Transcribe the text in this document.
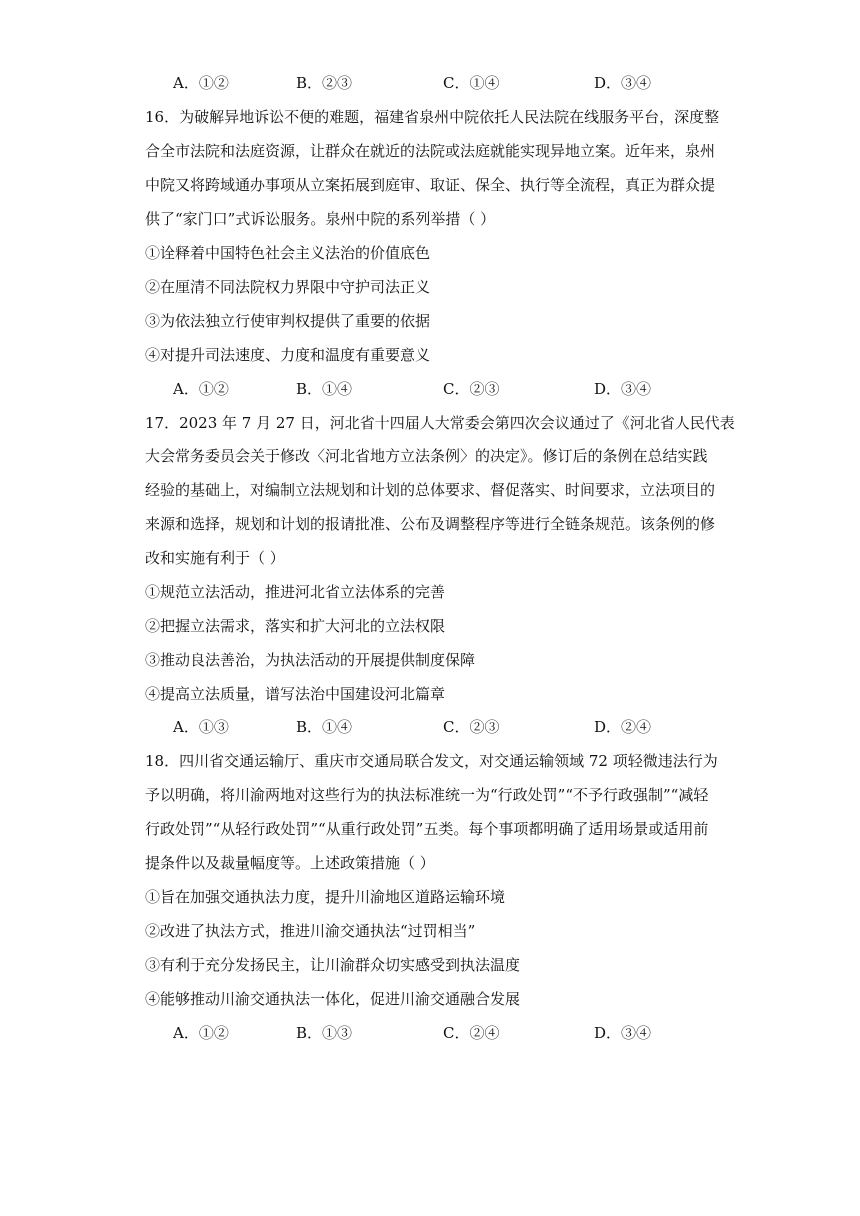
A．①②	B．②③	C．①④	D．③④
16．为破解异地诉讼不便的难题，福建省泉州中院依托人民法院在线服务平台，深度整
合全市法院和法庭资源，让群众在就近的法院或法庭就能实现异地立案。近年来，泉州
中院又将跨域通办事项从立案拓展到庭审、取证、保全、执行等全流程，真正为群众提
供了“家门口”式诉讼服务。泉州中院的系列举措（ ）
①诠释着中国特色社会主义法治的价值底色
②在厘清不同法院权力界限中守护司法正义
③为依法独立行使审判权提供了重要的依据
④对提升司法速度、力度和温度有重要意义
A．①②	B．①④	C．②③	D．③④
17．2023 年 7 月 27 日，河北省十四届人大常委会第四次会议通过了《河北省人民代表
大会常务委员会关于修改〈河北省地方立法条例〉的决定》。修订后的条例在总结实践
经验的基础上，对编制立法规划和计划的总体要求、督促落实、时间要求，立法项目的
来源和选择，规划和计划的报请批准、公布及调整程序等进行全链条规范。该条例的修
改和实施有利于（ ）
①规范立法活动，推进河北省立法体系的完善
②把握立法需求，落实和扩大河北的立法权限
③推动良法善治，为执法活动的开展提供制度保障
④提高立法质量，谱写法治中国建设河北篇章
A．①③	B．①④	C．②③	D．②④
18．四川省交通运输厅、重庆市交通局联合发文，对交通运输领域 72 项轻微违法行为
予以明确，将川渝两地对这些行为的执法标准统一为“行政处罚”“不予行政强制”“减轻
行政处罚”“从轻行政处罚”“从重行政处罚”五类。每个事项都明确了适用场景或适用前
提条件以及裁量幅度等。上述政策措施（ ）
①旨在加强交通执法力度，提升川渝地区道路运输环境
②改进了执法方式，推进川渝交通执法“过罚相当”
③有利于充分发扬民主，让川渝群众切实感受到执法温度
④能够推动川渝交通执法一体化，促进川渝交通融合发展
A．①②	B．①③	C．②④	D．③④
